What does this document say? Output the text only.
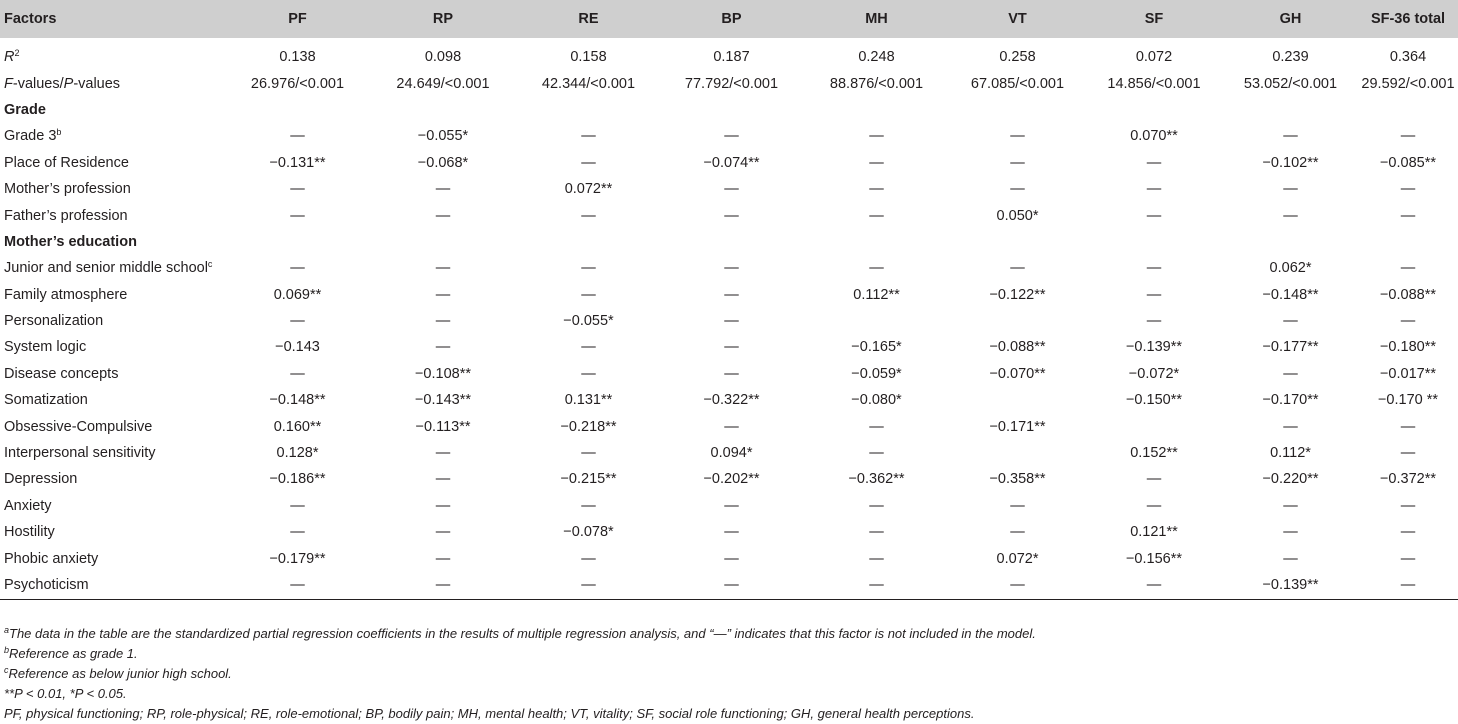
Factors	PF	RP	RE	BP	MH	VT	SF	GH	SF-36 total

$R^2$	0.138	0.098	0.158	0.187	0.248	0.258	0.072	0.239	0.364
F-values/P-values	26.976/<0.001	24.649/<0.001	42.344/<0.001	77.792/<0.001	88.876/<0.001	67.085/<0.001	14.856/<0.001	53.052/<0.001	29.592/<0.001
Grade									
Grade 3$^b$	—	−0.055*	—	—	—	—	0.070**	—	—
Place of Residence	−0.131**	−0.068*	—	−0.074**	—	—	—	−0.102**	−0.085**
Mother’s profession	—	—	0.072**	—	—	—	—	—	—
Father’s profession	—	—	—	—	—	0.050*	—	—	—
Mother’s education									
Junior and senior middle school$^c$	—	—	—	—	—	—	—	0.062*	—
Family atmosphere	0.069**	—	—	—	0.112**	−0.122**	—	−0.148**	−0.088**
Personalization	—	—	−0.055*	—			—	—	—
System logic	−0.143	—	—	—	−0.165*	−0.088**	−0.139**	−0.177**	−0.180**
Disease concepts	—	−0.108**	—	—	−0.059*	−0.070**	−0.072*	—	−0.017**
Somatization	−0.148**	−0.143**	0.131**	−0.322**	−0.080*		−0.150**	−0.170**	−0.170 **
Obsessive-Compulsive	0.160**	−0.113**	−0.218**	—	—	−0.171**		—	—
Interpersonal sensitivity	0.128*	—	—	0.094*	—		0.152**	0.112*	—
Depression	−0.186**	—	−0.215**	−0.202**	−0.362**	−0.358**	—	−0.220**	−0.372**
Anxiety	—	—	—	—	—	—	—	—	—
Hostility	—	—	−0.078*	—	—	—	0.121**	—	—
Phobic anxiety	−0.179**	—	—	—	—	0.072*	−0.156**	—	—
Psychoticism	—	—	—	—	—	—	—	−0.139**	—
$^a$The data in the table are the standardized partial regression coefficients in the results of multiple regression analysis, and “—” indicates that this factor is not included in the model.
$^b$Reference as grade 1.
$^c$Reference as below junior high school.
**P < 0.01, *P < 0.05.
PF, physical functioning; RP, role-physical; RE, role-emotional; BP, bodily pain; MH, mental health; VT, vitality; SF, social role functioning; GH, general health perceptions.
